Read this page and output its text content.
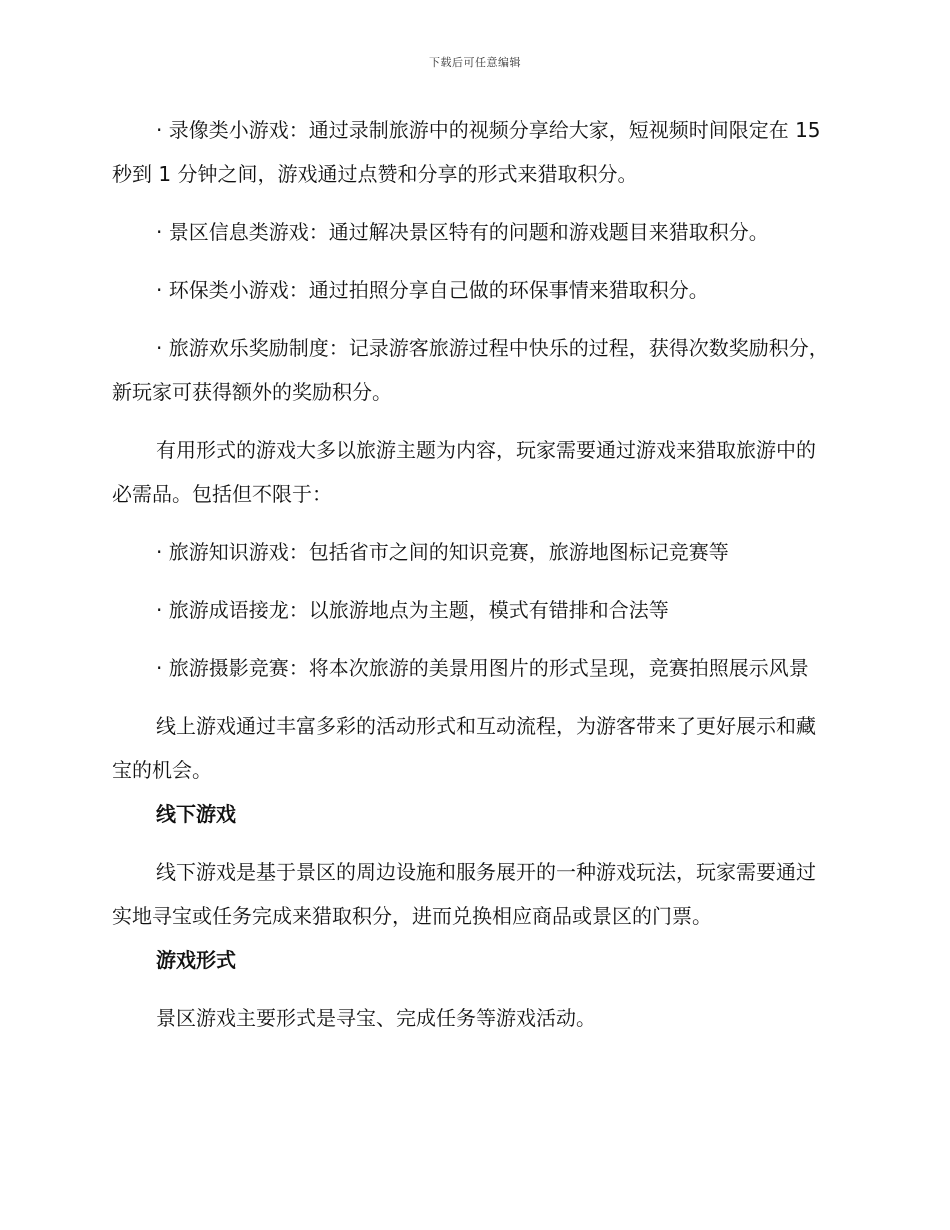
下载后可任意编辑

· 录像类小游戏：通过录制旅游中的视频分享给大家，短视频时间限定在 15 秒到 1 分钟之间，游戏通过点赞和分享的形式来猎取积分。

· 景区信息类游戏：通过解决景区特有的问题和游戏题目来猎取积分。

· 环保类小游戏：通过拍照分享自己做的环保事情来猎取积分。

· 旅游欢乐奖励制度：记录游客旅游过程中快乐的过程，获得次数奖励积分，新玩家可获得额外的奖励积分。

有用形式的游戏大多以旅游主题为内容，玩家需要通过游戏来猎取旅游中的必需品。包括但不限于：

· 旅游知识游戏：包括省市之间的知识竞赛，旅游地图标记竞赛等

· 旅游成语接龙：以旅游地点为主题，模式有错排和合法等

· 旅游摄影竞赛：将本次旅游的美景用图片的形式呈现，竞赛拍照展示风景

线上游戏通过丰富多彩的活动形式和互动流程，为游客带来了更好展示和藏宝的机会。

线下游戏

线下游戏是基于景区的周边设施和服务展开的一种游戏玩法，玩家需要通过实地寻宝或任务完成来猎取积分，进而兑换相应商品或景区的门票。

游戏形式

景区游戏主要形式是寻宝、完成任务等游戏活动。
